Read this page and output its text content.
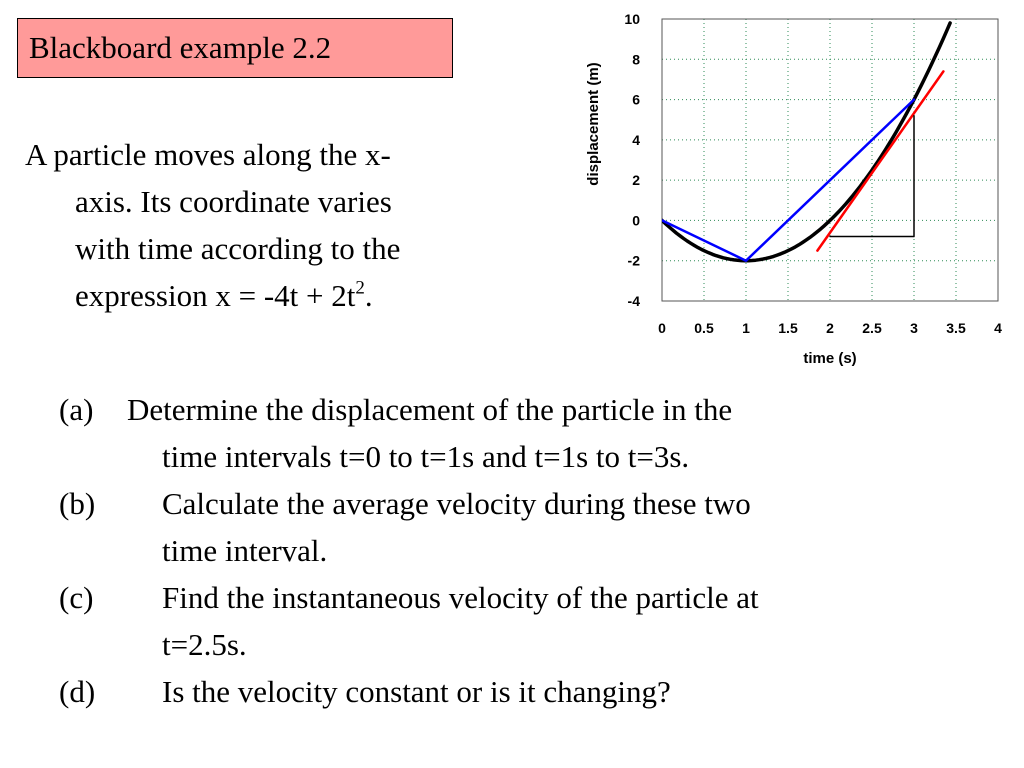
Blackboard example 2.2
A particle moves along the x-
axis. Its coordinate varies
with time according to the
expression $x = -4t + 2t^2$.
0 0.5 1 1.5 2 2.5 3 3.5 4
10
8
6
4
2
0
-2
-4
time (s)
displacement (m)
(a) Determine the displacement of the particle in the
time intervals t=0 to t=1s and t=1s to t=3s.
(b) Calculate the average velocity during these two
time interval.
(c) Find the instantaneous velocity of the particle at
t=2.5s.
(d) Is the velocity constant or is it changing?
